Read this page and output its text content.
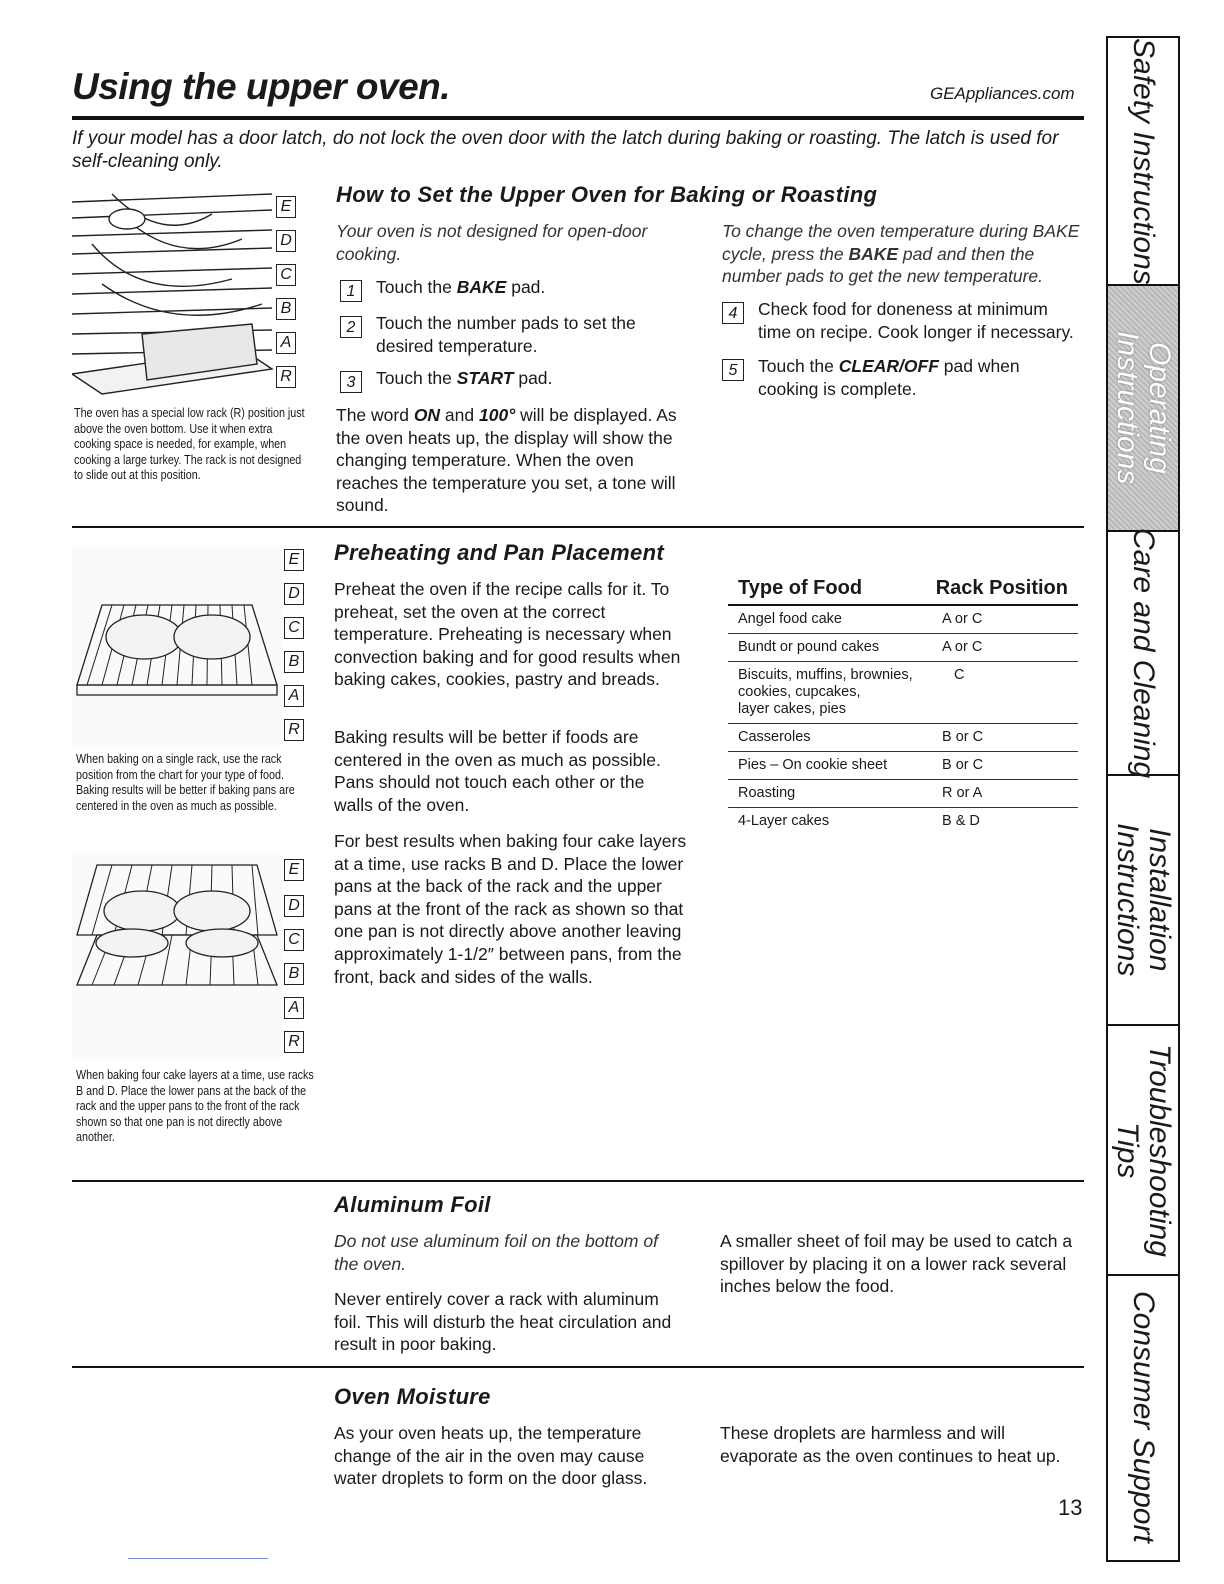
Using the upper oven.	GEAppliances.com
If your model has a door latch, do not lock the oven door with the latch during baking or roasting. The latch is used for self-cleaning only.
E
D
C
B
A
R
The oven has a special low rack (R) position just above the oven bottom. Use it when extra cooking space is needed, for example, when cooking a large turkey. The rack is not designed to slide out at this position.
How to Set the Upper Oven for Baking or Roasting
Your oven is not designed for open-door cooking.
1	Touch the BAKE pad.
2	Touch the number pads to set the desired temperature.
3	Touch the START pad.
The word ON and 100° will be displayed. As the oven heats up, the display will show the changing temperature. When the oven reaches the temperature you set, a tone will sound.
To change the oven temperature during BAKE cycle, press the BAKE pad and then the number pads to get the new temperature.
4	Check food for doneness at minimum time on recipe. Cook longer if necessary.
5	Touch the CLEAR/OFF pad when cooking is complete.
E
D
C
B
A
R
When baking on a single rack, use the rack position from the chart for your type of food. Baking results will be better if baking pans are centered in the oven as much as possible.
E
D
C
B
A
R
When baking four cake layers at a time, use racks B and D. Place the lower pans at the back of the rack and the upper pans to the front of the rack shown so that one pan is not directly above another.
Preheating and Pan Placement
Preheat the oven if the recipe calls for it. To preheat, set the oven at the correct temperature. Preheating is necessary when convection baking and for good results when baking cakes, cookies, pastry and breads.
Baking results will be better if foods are centered in the oven as much as possible. Pans should not touch each other or the walls of the oven.
For best results when baking four cake layers at a time, use racks B and D. Place the lower pans at the back of the rack and the upper pans at the front of the rack as shown so that one pan is not directly above another leaving approximately 1-1/2″ between pans, from the front, back and sides of the walls.
Type of Food	Rack Position
Angel food cake	A or C
Bundt or pound cakes	A or C
Biscuits, muffins, brownies,
cookies, cupcakes,
layer cakes, pies	C
Casseroles	B or C
Pies – On cookie sheet	B or C
Roasting	R or A
4-Layer cakes	B & D
Aluminum Foil
Do not use aluminum foil on the bottom of the oven.
Never entirely cover a rack with aluminum foil. This will disturb the heat circulation and result in poor baking.
A smaller sheet of foil may be used to catch a spillover by placing it on a lower rack several inches below the food.
Oven Moisture
As your oven heats up, the temperature change of the air in the oven may cause water droplets to form on the door glass.
These droplets are harmless and will evaporate as the oven continues to heat up.
13
Safety Instructions
Operating
Instructions
Care and Cleaning
Installation
Instructions
Troubleshooting
Tips
Consumer Support
